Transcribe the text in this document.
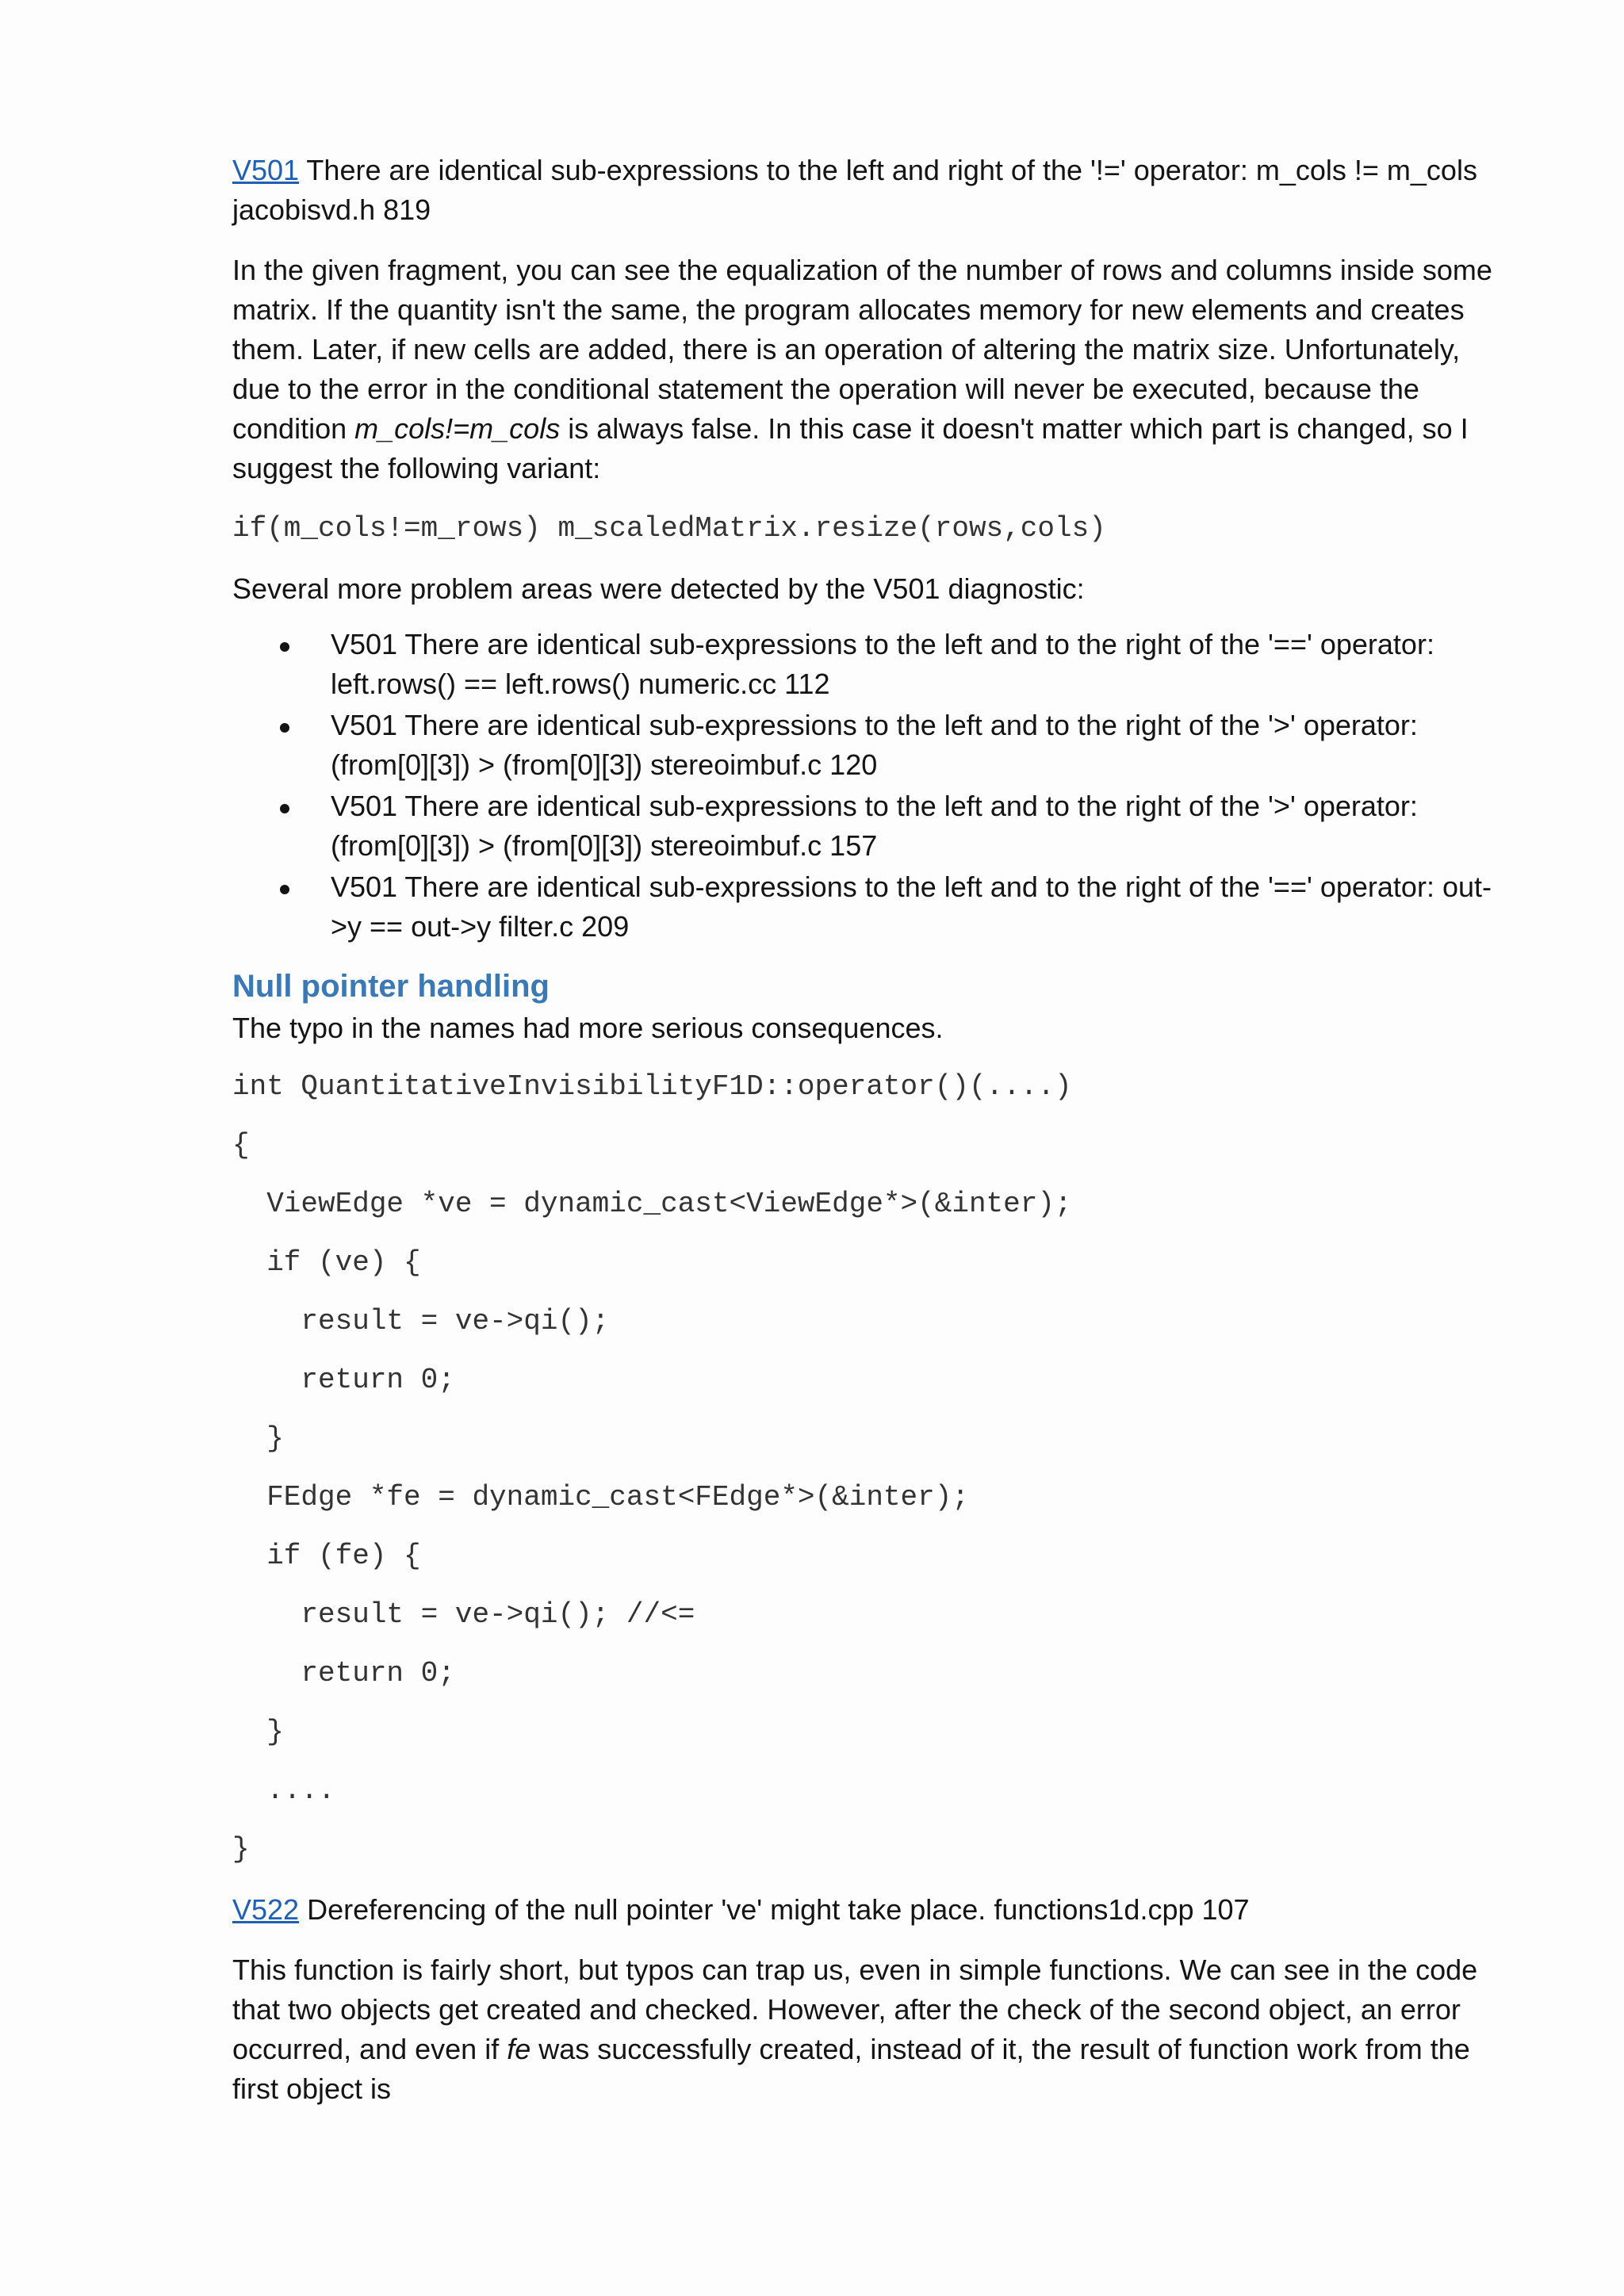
V501 There are identical sub-expressions to the left and right of the '!=' operator: m_cols != m_cols jacobisvd.h 819

In the given fragment, you can see the equalization of the number of rows and columns inside some matrix. If the quantity isn't the same, the program allocates memory for new elements and creates them. Later, if new cells are added, there is an operation of altering the matrix size. Unfortunately, due to the error in the conditional statement the operation will never be executed, because the condition m_cols!=m_cols is always false. In this case it doesn't matter which part is changed, so I suggest the following variant:

if(m_cols!=m_rows) m_scaledMatrix.resize(rows,cols)

Several more problem areas were detected by the V501 diagnostic:

V501 There are identical sub-expressions to the left and to the right of the '==' operator: left.rows() == left.rows() numeric.cc 112
V501 There are identical sub-expressions to the left and to the right of the '>' operator: (from[0][3]) > (from[0][3]) stereoimbuf.c 120
V501 There are identical sub-expressions to the left and to the right of the '>' operator: (from[0][3]) > (from[0][3]) stereoimbuf.c 157
V501 There are identical sub-expressions to the left and to the right of the '==' operator: out->y == out->y filter.c 209
Null pointer handling

The typo in the names had more serious consequences.

int QuantitativeInvisibilityF1D::operator()(....)
{
ViewEdge *ve = dynamic_cast<ViewEdge*>(&inter);
if (ve) {
result = ve->qi();
return 0;
}
FEdge *fe = dynamic_cast<FEdge*>(&inter);
if (fe) {
result = ve->qi(); //<=
return 0;
}
....
}

V522 Dereferencing of the null pointer 've' might take place. functions1d.cpp 107

This function is fairly short, but typos can trap us, even in simple functions. We can see in the code that two objects get created and checked. However, after the check of the second object, an error occurred, and even if fe was successfully created, instead of it, the result of function work from the first object is
